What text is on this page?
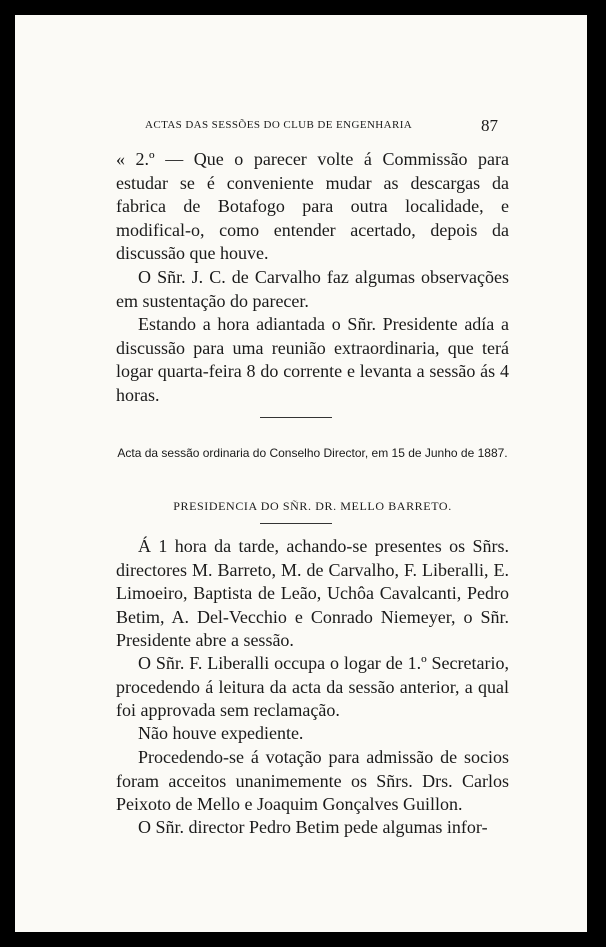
ACTAS DAS SESSÕES DO CLUB DE ENGENHARIA	87

« 2.º — Que o parecer volte á Commissão para estudar se é conveniente mudar as descargas da fabrica de Botafogo para outra localidade, e modifical-o, como entender acertado, depois da discussão que houve.

O Sñr. J. C. de Carvalho faz algumas observações em sustentação do parecer.

Estando a hora adiantada o Sñr. Presidente adía a discussão para uma reunião extraordinaria, que terá logar quarta-feira 8 do corrente e levanta a sessão ás 4 horas.

Acta da sessão ordinaria do Conselho Director, em 15 de Junho de 1887.

PRESIDENCIA DO SÑR. DR. MELLO BARRETO.

Á 1 hora da tarde, achando-se presentes os Sñrs. directores M. Barreto, M. de Carvalho, F. Liberalli, E. Limoeiro, Baptista de Leão, Uchôa Cavalcanti, Pedro Betim, A. Del-Vecchio e Conrado Niemeyer, o Sñr. Presidente abre a sessão.

O Sñr. F. Liberalli occupa o logar de 1.º Secretario, procedendo á leitura da acta da sessão anterior, a qual foi approvada sem reclamação.

Não houve expediente.

Procedendo-se á votação para admissão de socios foram acceitos unanimemente os Sñrs. Drs. Carlos Peixoto de Mello e Joaquim Gonçalves Guillon.

O Sñr. director Pedro Betim pede algumas infor-
